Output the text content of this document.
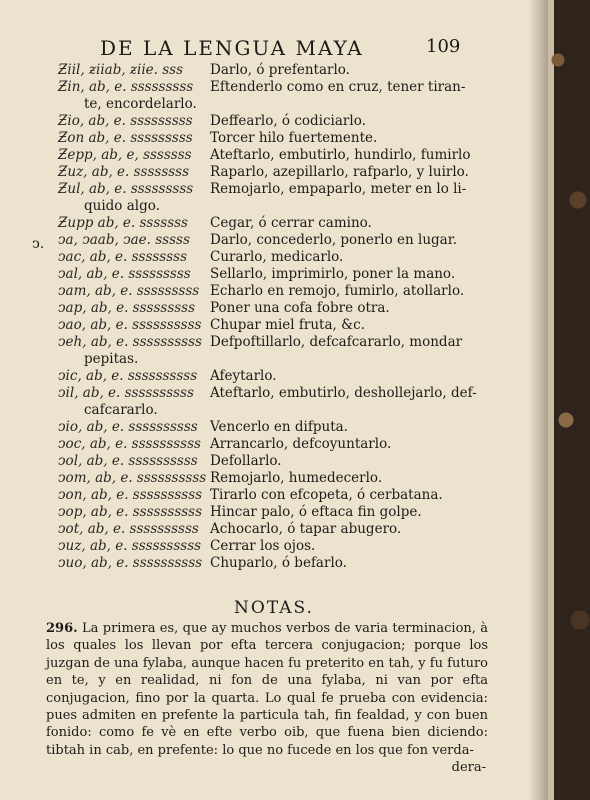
DE LA LENGUA MAYA	109
ↄ.
Ƶiil, ƶiiab, ƶiie. sss Darlo, ó prefentarlo.
Ƶin, ab, e. sssssssss Eftenderlo como en cruz, tener tiran-
te, encordelarlo.
Ƶio, ab, e. sssssssss Deffearlo, ó codiciarlo.
Ƶon ab, e. sssssssss Torcer hilo fuertemente.
Ƶepp, ab, e, sssssss Ateftarlo, embutirlo, hundirlo, fumirlo
Ƶuz, ab, e. ssssssss Raparlo, azepillarlo, rafparlo, y luirlo.
Ƶul, ab, e. sssssssss Remojarlo, empaparlo, meter en lo li-
quido algo.
Ƶupp ab, e. sssssss Cegar, ó cerrar camino.
ↄa, ↄaab, ↄae. sssss Darlo, concederlo, ponerlo en lugar.
ↄac, ab, e. ssssssss Curarlo, medicarlo.
ↄal, ab, e. sssssssss Sellarlo, imprimirlo, poner la mano.
ↄam, ab, e. sssssssss Echarlo en remojo, fumirlo, atollarlo.
ↄap, ab, e. sssssssss Poner una cofa fobre otra.
ↄao, ab, e. ssssssssss Chupar miel fruta, &c.
ↄeh, ab, e. ssssssssss Defpoftillarlo, defcafcararlo, mondar
pepitas.
ↄic, ab, e. ssssssssss Afeytarlo.
ↄil, ab, e. ssssssssss Ateftarlo, embutirlo, deshollejarlo, def-
cafcararlo.
ↄio, ab, e. ssssssssss Vencerlo en difputa.
ↄoc, ab, e. ssssssssss Arrancarlo, defcoyuntarlo.
ↄol, ab, e. ssssssssss Defollarlo.
ↄom, ab, e. ssssssssss Remojarlo, humedecerlo.
ↄon, ab, e. ssssssssss Tirarlo con efcopeta, ó cerbatana.
ↄop, ab, e. ssssssssss Hincar palo, ó eftaca fin golpe.
ↄot, ab, e. ssssssssss Achocarlo, ó tapar abugero.
ↄuz, ab, e. ssssssssss Cerrar los ojos.
ↄuo, ab, e. ssssssssss Chuparlo, ó befarlo.
NOTAS.
296. La primera es, que ay muchos verbos de varia terminacion, à los quales los llevan por efta tercera conjugacion; porque los juzgan de una fylaba, aunque hacen fu preterito en tah, y fu futuro en te, y en realidad, ni fon de una fylaba, ni van por efta conjugacion, fino por la quarta. Lo qual fe prueba con evidencia: pues admiten en prefente la particula tah, fin fealdad, y con buen fonido: como fe vè en efte verbo oib, que fuena bien diciendo: tibtah in cab, en prefente: lo que no fucede en los que fon verda-
dera-
